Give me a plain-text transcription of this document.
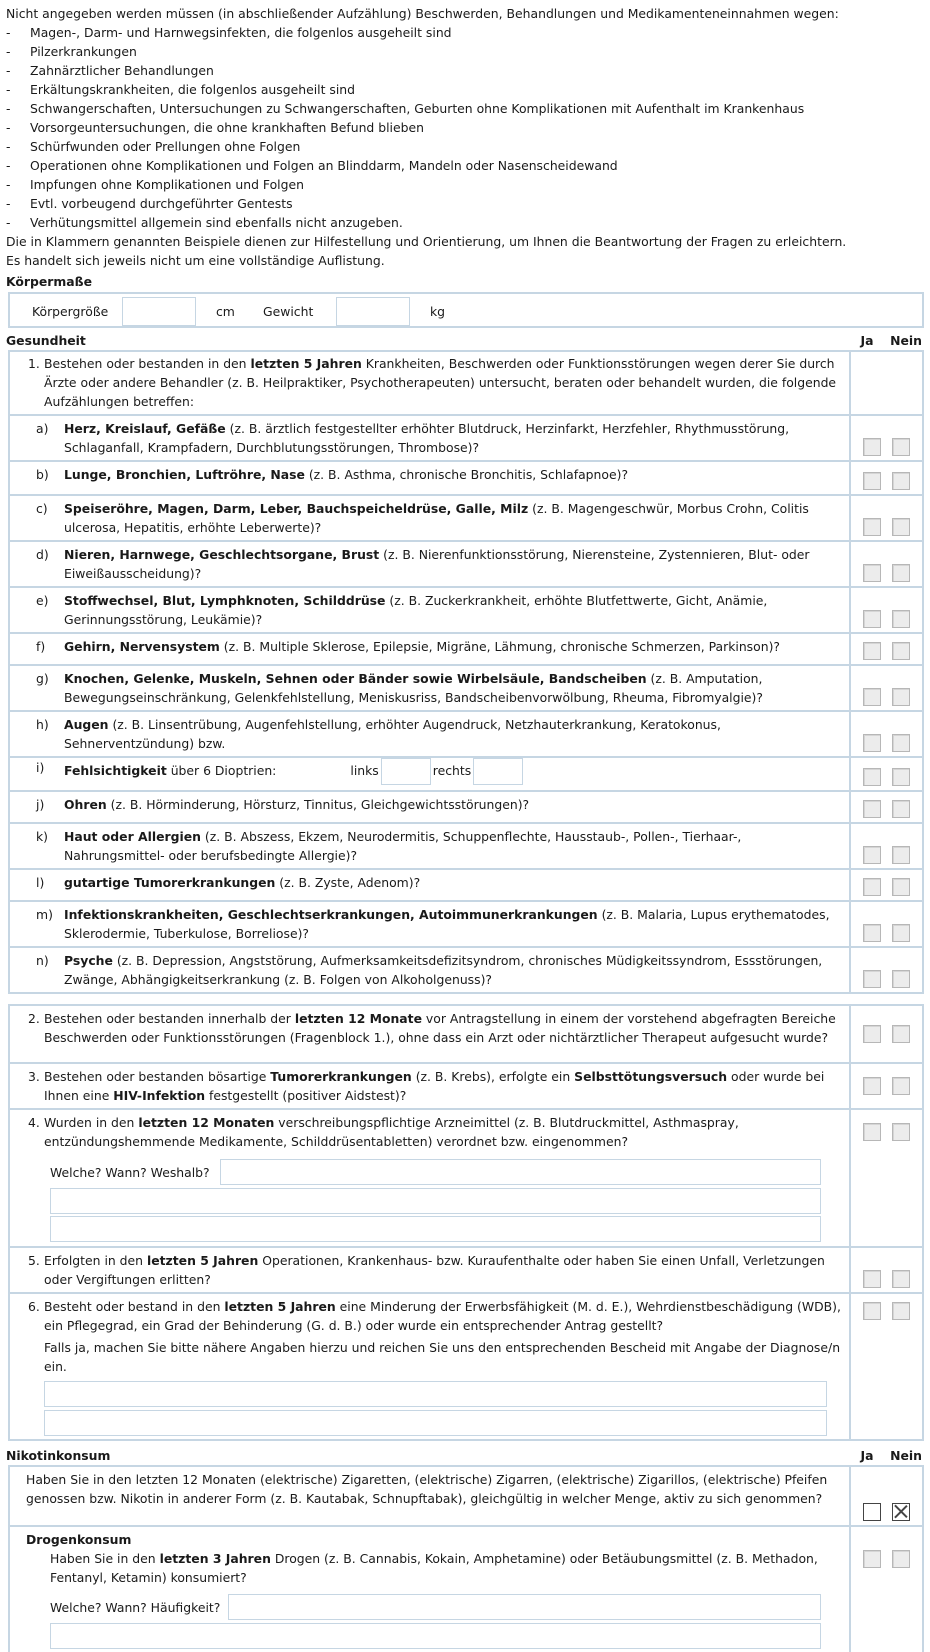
Nicht angegeben werden müssen (in abschließender Aufzählung) Beschwerden, Behandlungen und Medikamenteneinnahmen wegen:
- Magen-, Darm- und Harnwegsinfekten, die folgenlos ausgeheilt sind
- Pilzerkrankungen
- Zahnärztlicher Behandlungen
- Erkältungskrankheiten, die folgenlos ausgeheilt sind
- Schwangerschaften, Untersuchungen zu Schwangerschaften, Geburten ohne Komplikationen mit Aufenthalt im Krankenhaus
- Vorsorgeuntersuchungen, die ohne krankhaften Befund blieben
- Schürfwunden oder Prellungen ohne Folgen
- Operationen ohne Komplikationen und Folgen an Blinddarm, Mandeln oder Nasenscheidewand
- Impfungen ohne Komplikationen und Folgen
- Evtl. vorbeugend durchgeführter Gentests
- Verhütungsmittel allgemein sind ebenfalls nicht anzugeben.
Die in Klammern genannten Beispiele dienen zur Hilfestellung und Orientierung, um Ihnen die Beantwortung der Fragen zu erleichtern.
Es handelt sich jeweils nicht um eine vollständige Auflistung.
Körpermaße
Körpergröße	cm Gewicht	kg
Gesundheit	Ja	Nein
1. Bestehen oder bestanden in den letzten 5 Jahren Krankheiten, Beschwerden oder Funktionsstörungen wegen derer Sie durch Ärzte oder andere Behandler (z. B. Heilpraktiker, Psychotherapeuten) untersucht, beraten oder behandelt wurden, die folgende Aufzählungen betreffen:
a)	Herz, Kreislauf, Gefäße (z. B. ärztlich festgestellter erhöhter Blutdruck, Herzinfarkt, Herzfehler, Rhythmusstörung, Schlaganfall, Krampfadern, Durchblutungsstörungen, Thrombose)?
b)	Lunge, Bronchien, Luftröhre, Nase (z. B. Asthma, chronische Bronchitis, Schlafapnoe)?
c)	Speiseröhre, Magen, Darm, Leber, Bauchspeicheldrüse, Galle, Milz (z. B. Magengeschwür, Morbus Crohn, Colitis ulcerosa, Hepatitis, erhöhte Leberwerte)?
d)	Nieren, Harnwege, Geschlechtsorgane, Brust (z. B. Nierenfunktionsstörung, Nierensteine, Zystennieren, Blut- oder Eiweißausscheidung)?
e)	Stoffwechsel, Blut, Lymphknoten, Schilddrüse (z. B. Zuckerkrankheit, erhöhte Blutfettwerte, Gicht, Anämie, Gerinnungsstörung, Leukämie)?
f)	Gehirn, Nervensystem (z. B. Multiple Sklerose, Epilepsie, Migräne, Lähmung, chronische Schmerzen, Parkinson)?
g)	Knochen, Gelenke, Muskeln, Sehnen oder Bänder sowie Wirbelsäule, Bandscheiben (z. B. Amputation, Bewegungseinschränkung, Gelenkfehlstellung, Meniskusriss, Bandscheibenvorwölbung, Rheuma, Fibromyalgie)?
h)	Augen (z. B. Linsentrübung, Augenfehlstellung, erhöhter Augendruck, Netzhauterkrankung, Keratokonus, Sehnerventzündung) bzw.
i)	Fehlsichtigkeit über 6 Dioptrien:	links	rechts
j)	Ohren (z. B. Hörminderung, Hörsturz, Tinnitus, Gleichgewichtsstörungen)?
k)	Haut oder Allergien (z. B. Abszess, Ekzem, Neurodermitis, Schuppenflechte, Hausstaub-, Pollen-, Tierhaar-, Nahrungsmittel- oder berufsbedingte Allergie)?
l)	gutartige Tumorerkrankungen (z. B. Zyste, Adenom)?
m) Infektionskrankheiten, Geschlechtserkrankungen, Autoimmunerkrankungen (z. B. Malaria, Lupus erythematodes, Sklerodermie, Tuberkulose, Borreliose)?
n)	Psyche (z. B. Depression, Angststörung, Aufmerksamkeitsdefizitsyndrom, chronisches Müdigkeitssyndrom, Essstörungen, Zwänge, Abhängigkeitserkrankung (z. B. Folgen von Alkoholgenuss)?
2. Bestehen oder bestanden innerhalb der letzten 12 Monate vor Antragstellung in einem der vorstehend abgefragten Bereiche Beschwerden oder Funktionsstörungen (Fragenblock 1.), ohne dass ein Arzt oder nichtärztlicher Therapeut aufgesucht wurde?
3. Bestehen oder bestanden bösartige Tumorerkrankungen (z. B. Krebs), erfolgte ein Selbsttötungsversuch oder wurde bei Ihnen eine HIV-Infektion festgestellt (positiver Aidstest)?
4. Wurden in den letzten 12 Monaten verschreibungspflichtige Arzneimittel (z. B. Blutdruckmittel, Asthmaspray, entzündungshemmende Medikamente, Schilddrüsentabletten) verordnet bzw. eingenommen?
Welche? Wann? Weshalb?
5. Erfolgten in den letzten 5 Jahren Operationen, Krankenhaus- bzw. Kuraufenthalte oder haben Sie einen Unfall, Verletzungen oder Vergiftungen erlitten?
6. Besteht oder bestand in den letzten 5 Jahren eine Minderung der Erwerbsfähigkeit (M. d. E.), Wehrdienstbeschädigung (WDB), ein Pflegegrad, ein Grad der Behinderung (G. d. B.) oder wurde ein entsprechender Antrag gestellt?
Falls ja, machen Sie bitte nähere Angaben hierzu und reichen Sie uns den entsprechenden Bescheid mit Angabe der Diagnose/n ein.
Nikotinkonsum	Ja	Nein
Haben Sie in den letzten 12 Monaten (elektrische) Zigaretten, (elektrische) Zigarren, (elektrische) Zigarillos, (elektrische) Pfeifen genossen bzw. Nikotin in anderer Form (z. B. Kautabak, Schnupftabak), gleichgültig in welcher Menge, aktiv zu sich genommen?
Drogenkonsum
Haben Sie in den letzten 3 Jahren Drogen (z. B. Cannabis, Kokain, Amphetamine) oder Betäubungsmittel (z. B. Methadon, Fentanyl, Ketamin) konsumiert?
Welche? Wann? Häufigkeit?
